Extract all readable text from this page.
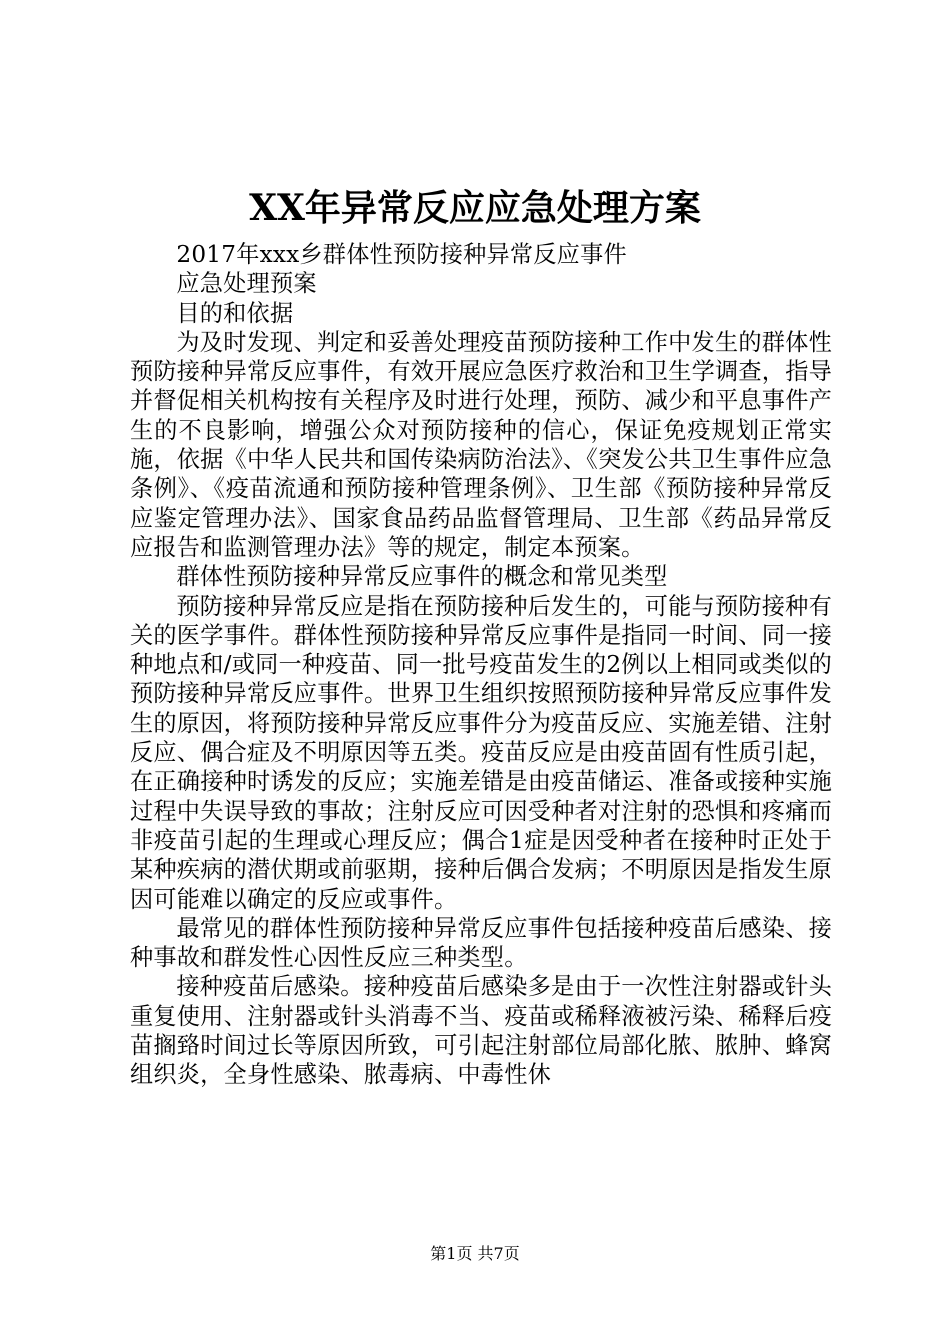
XX年异常反应应急处理方案

2017年xxx乡群体性预防接种异常反应事件

应急处理预案

目的和依据

为及时发现、判定和妥善处理疫苗预防接种工作中发生的群体性预防接种异常反应事件，有效开展应急医疗救治和卫生学调查，指导并督促相关机构按有关程序及时进行处理，预防、减少和平息事件产生的不良影响，增强公众对预防接种的信心，保证免疫规划正常实施，依据《中华人民共和国传染病防治法》、《突发公共卫生事件应急条例》、《疫苗流通和预防接种管理条例》、卫生部《预防接种异常反应鉴定管理办法》、国家食品药品监督管理局、卫生部《药品异常反应报告和监测管理办法》等的规定，制定本预案。

群体性预防接种异常反应事件的概念和常见类型

预防接种异常反应是指在预防接种后发生的，可能与预防接种有关的医学事件。群体性预防接种异常反应事件是指同一时间、同一接种地点和/或同一种疫苗、同一批号疫苗发生的2例以上相同或类似的预防接种异常反应事件。世界卫生组织按照预防接种异常反应事件发生的原因，将预防接种异常反应事件分为疫苗反应、实施差错、注射反应、偶合症及不明原因等五类。疫苗反应是由疫苗固有性质引起，在正确接种时诱发的反应；实施差错是由疫苗储运、准备或接种实施过程中失误导致的事故；注射反应可因受种者对注射的恐惧和疼痛而非疫苗引起的生理或心理反应；偶合1症是因受种者在接种时正处于某种疾病的潜伏期或前驱期，接种后偶合发病；不明原因是指发生原因可能难以确定的反应或事件。

最常见的群体性预防接种异常反应事件包括接种疫苗后感染、接种事故和群发性心因性反应三种类型。

接种疫苗后感染。接种疫苗后感染多是由于一次性注射器或针头重复使用、注射器或针头消毒不当、疫苗或稀释液被污染、稀释后疫苗搁臵时间过长等原因所致，可引起注射部位局部化脓、脓肿、蜂窝组织炎，全身性感染、脓毒病、中毒性休

第1页 共7页
